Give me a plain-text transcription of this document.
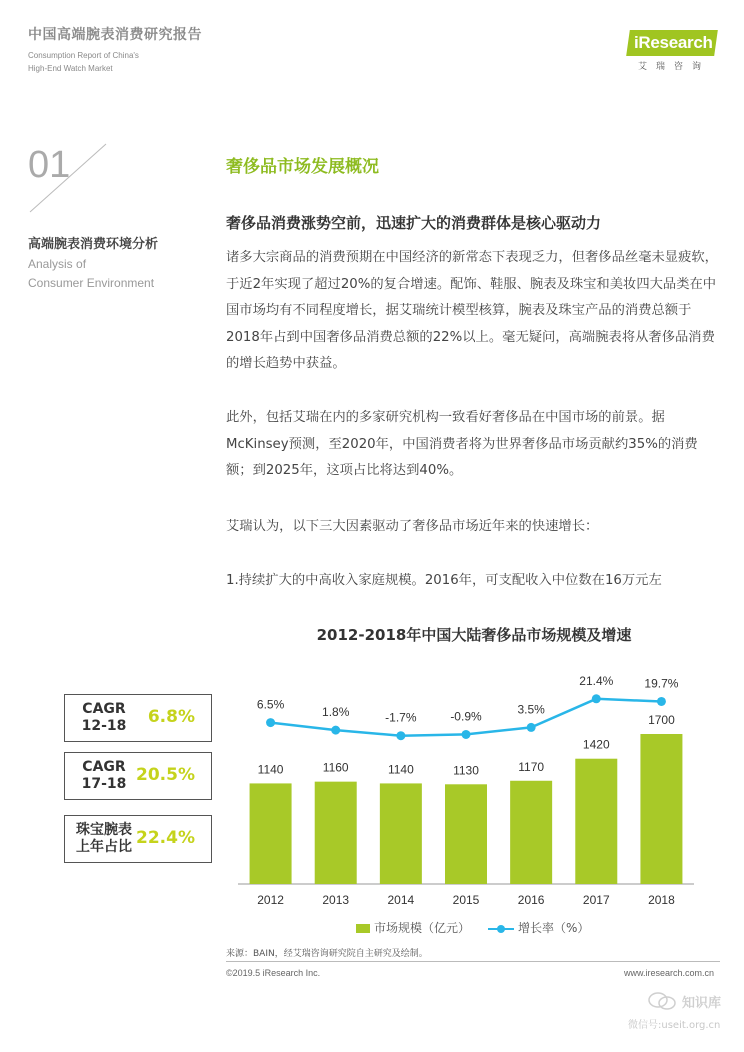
中国高端腕表消费研究报告
Consumption Report of China's
High-End Watch Market
iResearch
艾瑞咨询
01
高端腕表消费环境分析
Analysis of
Consumer Environment
奢侈品市场发展概况
奢侈品消费涨势空前，迅速扩大的消费群体是核心驱动力
诸多大宗商品的消费预期在中国经济的新常态下表现乏力，但奢侈品丝毫未显疲软，于近2年实现了超过20%的复合增速。配饰、鞋服、腕表及珠宝和美妆四大品类在中国市场均有不同程度增长，据艾瑞统计模型核算，腕表及珠宝产品的消费总额于2018年占到中国奢侈品消费总额的22%以上。毫无疑问，高端腕表将从奢侈品消费的增长趋势中获益。
此外，包括艾瑞在内的多家研究机构一致看好奢侈品在中国市场的前景。据McKinsey预测，至2020年，中国消费者将为世界奢侈品市场贡献约35%的消费额；到2025年，这项占比将达到40%。
艾瑞认为，以下三大因素驱动了奢侈品市场近年来的快速增长：
1.持续扩大的中高收入家庭规模。2016年，可支配收入中位数在16万元左
CAGR
12-18	6.8%
CAGR
17-18 20.5%
珠宝腕表
上年占比 22.4%
2012-2018年中国大陆奢侈品市场规模及增速
1140
2012
1160
2013
1140
2014
1130
2015
1170
2016
1420
2017
1700
2018
6.5%
1.8%	-1.7%	-0.9%
3.5%
21.4%	19.7%
市场规模（亿元）	增长率（%）
来源：BAIN，经艾瑞咨询研究院自主研究及绘制。
©2019.5 iResearch Inc.	www.iresearch.com.cn
知识库
微信号:useit.org.cn
